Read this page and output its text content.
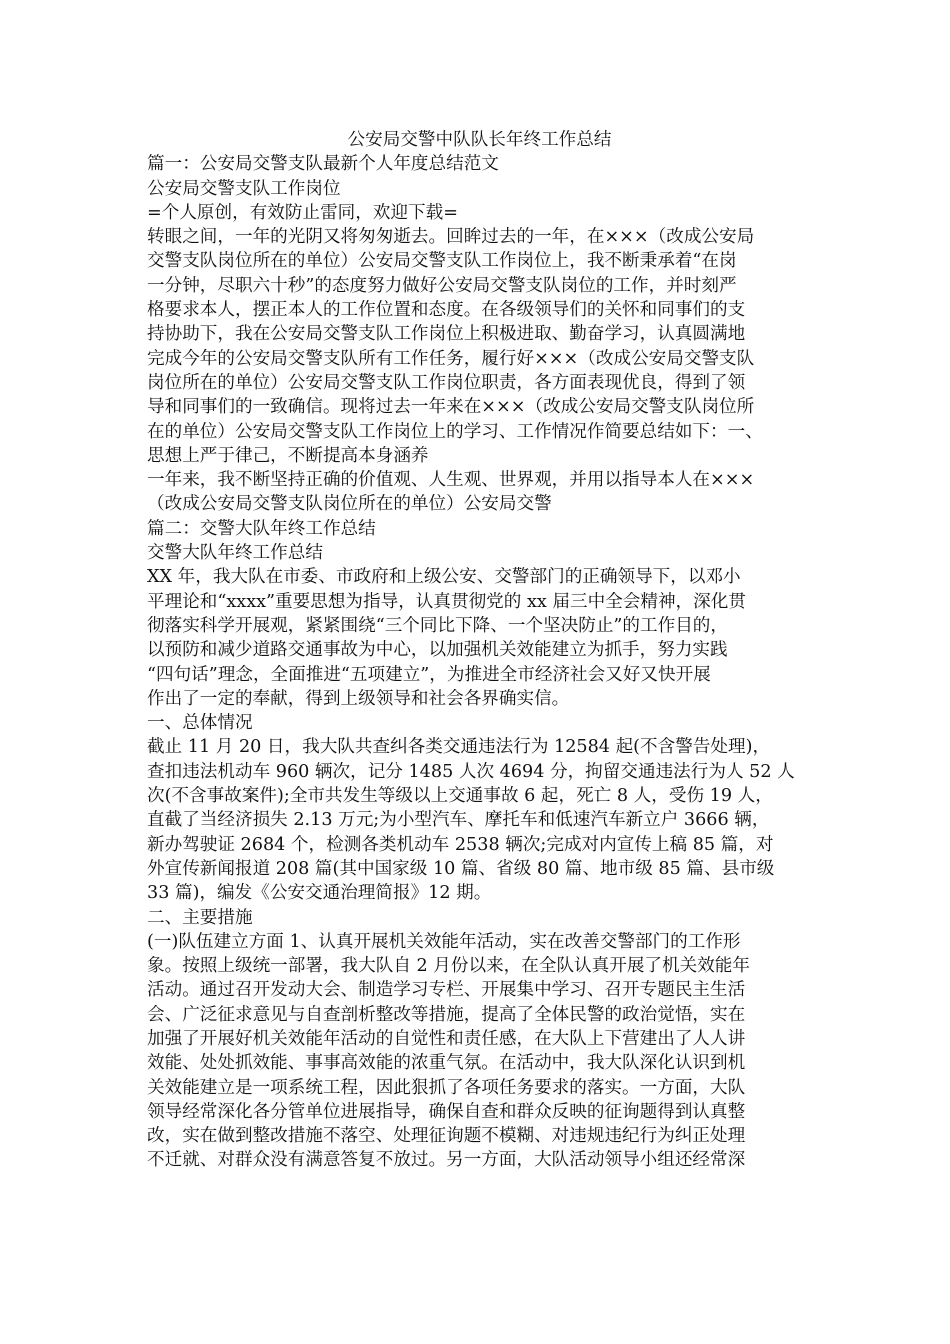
公安局交警中队队长年终工作总结

篇一：公安局交警支队最新个人年度总结范文

公安局交警支队工作岗位

=个人原创，有效防止雷同，欢迎下载=

转眼之间，一年的光阴又将匆匆逝去。回眸过去的一年，在×××（改成公安局

交警支队岗位所在的单位）公安局交警支队工作岗位上，我不断秉承着“在岗

一分钟，尽职六十秒”的态度努力做好公安局交警支队岗位的工作，并时刻严

格要求本人，摆正本人的工作位置和态度。在各级领导们的关怀和同事们的支

持协助下，我在公安局交警支队工作岗位上积极进取、勤奋学习，认真圆满地

完成今年的公安局交警支队所有工作任务，履行好×××（改成公安局交警支队

岗位所在的单位）公安局交警支队工作岗位职责，各方面表现优良，得到了领

导和同事们的一致确信。现将过去一年来在×××（改成公安局交警支队岗位所

在的单位）公安局交警支队工作岗位上的学习、工作情况作简要总结如下：一、

思想上严于律己，不断提高本身涵养

一年来，我不断坚持正确的价值观、人生观、世界观，并用以指导本人在×××

（改成公安局交警支队岗位所在的单位）公安局交警

篇二：交警大队年终工作总结

交警大队年终工作总结

XX 年，我大队在市委、市政府和上级公安、交警部门的正确领导下，以邓小

平理论和“xxxx”重要思想为指导，认真贯彻党的 xx 届三中全会精神，深化贯

彻落实科学开展观，紧紧围绕“三个同比下降、一个坚决防止”的工作目的，

以预防和减少道路交通事故为中心，以加强机关效能建立为抓手，努力实践

“四句话”理念，全面推进“五项建立”，为推进全市经济社会又好又快开展

作出了一定的奉献，得到上级领导和社会各界确实信。

一、总体情况

截止 11 月 20 日，我大队共查纠各类交通违法行为 12584 起(不含警告处理)，

查扣违法机动车 960 辆次，记分 1485 人次 4694 分，拘留交通违法行为人 52 人

次(不含事故案件);全市共发生等级以上交通事故 6 起，死亡 8 人，受伤 19 人，

直截了当经济损失 2.13 万元;为小型汽车、摩托车和低速汽车新立户 3666 辆，

新办驾驶证 2684 个，检测各类机动车 2538 辆次;完成对内宣传上稿 85 篇，对

外宣传新闻报道 208 篇(其中国家级 10 篇、省级 80 篇、地市级 85 篇、县市级

33 篇)，编发《公安交通治理简报》12 期。

二、主要措施

(一)队伍建立方面 1、认真开展机关效能年活动，实在改善交警部门的工作形

象。按照上级统一部署，我大队自 2 月份以来，在全队认真开展了机关效能年

活动。通过召开发动大会、制造学习专栏、开展集中学习、召开专题民主生活

会、广泛征求意见与自查剖析整改等措施，提高了全体民警的政治觉悟，实在

加强了开展好机关效能年活动的自觉性和责任感，在大队上下营建出了人人讲

效能、处处抓效能、事事高效能的浓重气氛。在活动中，我大队深化认识到机

关效能建立是一项系统工程，因此狠抓了各项任务要求的落实。一方面，大队

领导经常深化各分管单位进展指导，确保自查和群众反映的征询题得到认真整

改，实在做到整改措施不落空、处理征询题不模糊、对违规违纪行为纠正处理

不迁就、对群众没有满意答复不放过。另一方面，大队活动领导小组还经常深
